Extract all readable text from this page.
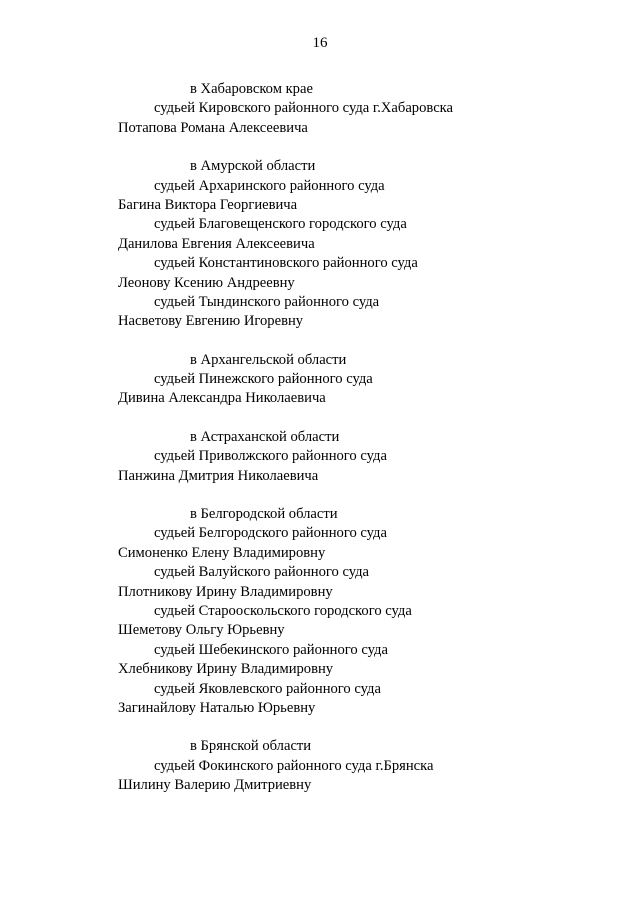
16
в Хабаровском крае
судьей Кировского районного суда г.Хабаровска
Потапова Романа Алексеевича
в Амурской области
судьей Архаринского районного суда
Багина Виктора Георгиевича
судьей Благовещенского городского суда
Данилова Евгения Алексеевича
судьей Константиновского районного суда
Леонову Ксению Андреевну
судьей Тындинского районного суда
Насветову Евгению Игоревну
в Архангельской области
судьей Пинежского районного суда
Дивина Александра Николаевича
в Астраханской области
судьей Приволжского районного суда
Панжина Дмитрия Николаевича
в Белгородской области
судьей Белгородского районного суда
Симоненко Елену Владимировну
судьей Валуйского районного суда
Плотникову Ирину Владимировну
судьей Старооскольского городского суда
Шеметову Ольгу Юрьевну
судьей Шебекинского районного суда
Хлебникову Ирину Владимировну
судьей Яковлевского районного суда
Загинайлову Наталью Юрьевну
в Брянской области
судьей Фокинского районного суда г.Брянска
Шилину Валерию Дмитриевну
